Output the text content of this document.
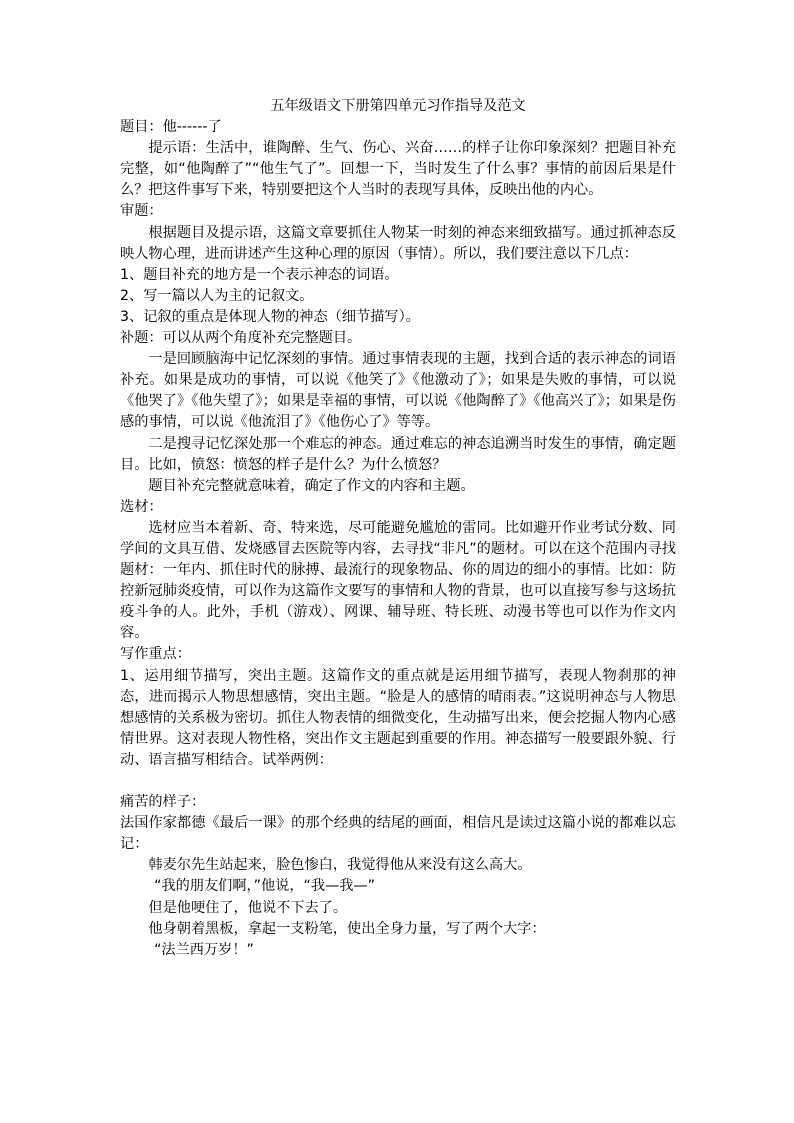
五年级语文下册第四单元习作指导及范文

题目：他------了

提示语：生活中，谁陶醉、生气、伤心、兴奋……的样子让你印象深刻？把题目补充完整，如“他陶醉了”“他生气了”。回想一下，当时发生了什么事？事情的前因后果是什么？把这件事写下来，特别要把这个人当时的表现写具体，反映出他的内心。

审题：

根据题目及提示语，这篇文章要抓住人物某一时刻的神态来细致描写。通过抓神态反映人物心理，进而讲述产生这种心理的原因（事情）。所以，我们要注意以下几点：

1、题目补充的地方是一个表示神态的词语。

2、写一篇以人为主的记叙文。

3、记叙的重点是体现人物的神态（细节描写）。

补题：可以从两个角度补充完整题目。

一是回顾脑海中记忆深刻的事情。通过事情表现的主题，找到合适的表示神态的词语补充。如果是成功的事情，可以说《他笑了》《他激动了》；如果是失败的事情，可以说《他哭了》《他失望了》；如果是幸福的事情，可以说《他陶醉了》《他高兴了》；如果是伤感的事情，可以说《他流泪了》《他伤心了》等等。

二是搜寻记忆深处那一个难忘的神态。通过难忘的神态追溯当时发生的事情，确定题目。比如，愤怒：愤怒的样子是什么？为什么愤怒？

题目补充完整就意味着，确定了作文的内容和主题。

选材：

选材应当本着新、奇、特来选，尽可能避免尴尬的雷同。比如避开作业考试分数、同学间的文具互借、发烧感冒去医院等内容，去寻找“非凡”的题材。可以在这个范围内寻找题材：一年内、抓住时代的脉搏、最流行的现象物品、你的周边的细小的事情。比如：防控新冠肺炎疫情，可以作为这篇作文要写的事情和人物的背景，也可以直接写参与这场抗疫斗争的人。此外，手机（游戏）、网课、辅导班、特长班、动漫书等也可以作为作文内容。

写作重点：

1、运用细节描写，突出主题。这篇作文的重点就是运用细节描写，表现人物刹那的神态，进而揭示人物思想感情，突出主题。“脸是人的感情的晴雨表。”这说明神态与人物思想感情的关系极为密切。抓住人物表情的细微变化，生动描写出来，便会挖掘人物内心感情世界。这对表现人物性格，突出作文主题起到重要的作用。神态描写一般要跟外貌、行动、语言描写相结合。试举两例：

痛苦的样子：

法国作家都德《最后一课》的那个经典的结尾的画面，相信凡是读过这篇小说的都难以忘记：

韩麦尔先生站起来，脸色惨白，我觉得他从来没有这么高大。

“我的朋友们啊，”他说，“我—我—”

但是他哽住了，他说不下去了。

他身朝着黑板，拿起一支粉笔，使出全身力量，写了两个大字：

“法兰西万岁！”
